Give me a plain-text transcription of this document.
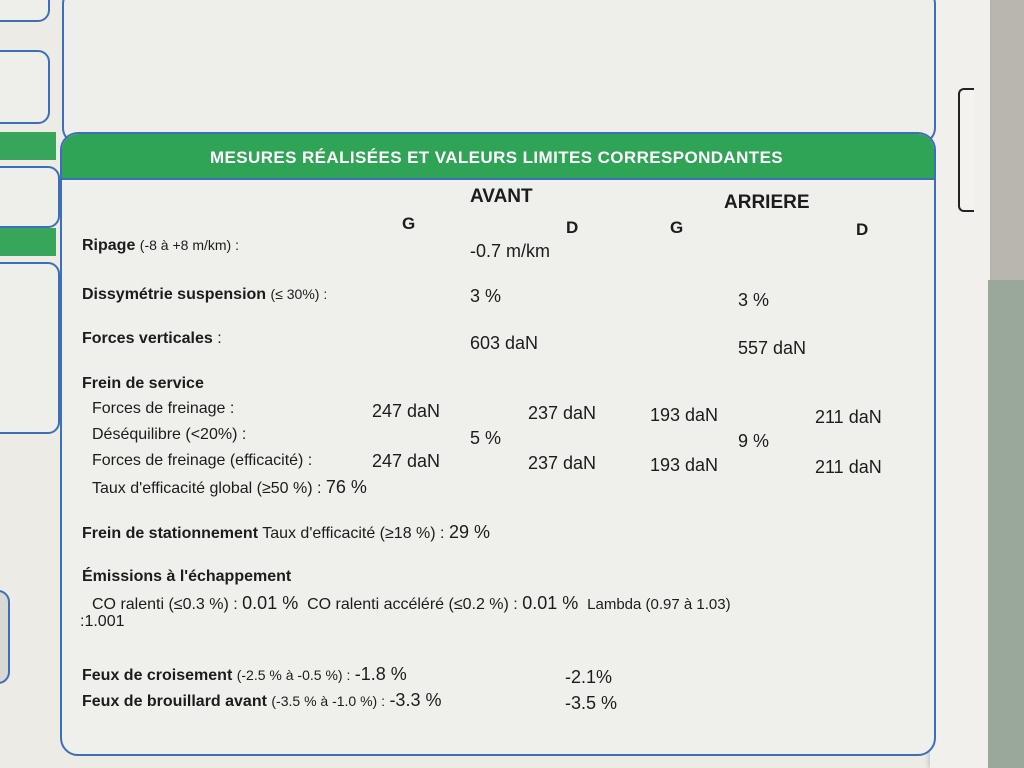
MESURES RÉALISÉES ET VALEURS LIMITES CORRESPONDANTES
AVANT	ARRIERE
G	D	G	D
Ripage (-8 à +8 m/km) :	-0.7 m/km
Dissymétrie suspension (≤ 30%) :	3 %	3 %
Forces verticales :	603 daN	557 daN
Frein de service
Forces de freinage :	247 daN	237 daN	193 daN	211 daN
Déséquilibre (<20%) :	5 %	9 %
Forces de freinage (efficacité) :	247 daN	237 daN	193 daN	211 daN
Taux d'efficacité global (≥50 %) : 76 %
Frein de stationnement Taux d'efficacité (≥18 %) : 29 %
Émissions à l'échappement
CO ralenti (≤0.3 %) : 0.01 % CO ralenti accéléré (≤0.2 %) : 0.01 % Lambda (0.97 à 1.03)
:1.001
Feux de croisement (-2.5 % à -0.5 %) : -1.8 %	-2.1%
Feux de brouillard avant (-3.5 % à -1.0 %) : -3.3 %	-3.5 %
